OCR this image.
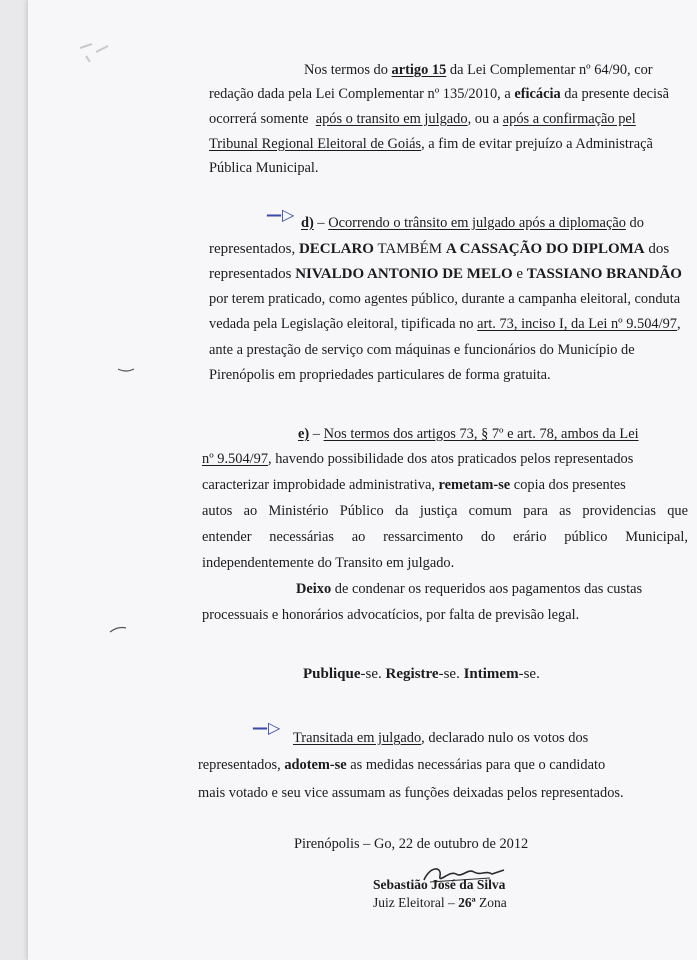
Nos termos do artigo 15 da Lei Complementar nº 64/90, cor
redação dada pela Lei Complementar nº 135/2010, a eficácia da presente decisã
ocorrerá somente  após o transito em julgado, ou a após a confirmação pel
Tribunal Regional Eleitoral de Goiás, a fim de evitar prejuízo a Administraçã
Pública Municipal.
—▷ d) – Ocorrendo o trânsito em julgado após a diplomação do
representados, DECLARO TAMBÉM A CASSAÇÃO DO DIPLOMA dos
representados NIVALDO ANTONIO DE MELO e TASSIANO BRANDÃO
por terem praticado, como agentes público, durante a campanha eleitoral, conduta
vedada pela Legislação eleitoral, tipificada no art. 73, inciso I, da Lei nº 9.504/97,
ante a prestação de serviço com máquinas e funcionários do Município de
Pirenópolis em propriedades particulares de forma gratuita.
e) – Nos termos dos artigos 73, § 7º e art. 78, ambos da Lei
nº 9.504/97, havendo possibilidade dos atos praticados pelos representados
caracterizar improbidade administrativa, remetam-se copia dos presentes
autos ao Ministério Público da justiça comum para as providencias que
entender necessárias ao ressarcimento do erário público Municipal,
independentemente do Transito em julgado.
Deixo de condenar os requeridos aos pagamentos das custas
processuais e honorários advocatícios, por falta de previsão legal.
Publique-se. Registre-se. Intimem-se.
—▷
Transitada em julgado, declarado nulo os votos dos
representados, adotem-se as medidas necessárias para que o candidato
mais votado e seu vice assumam as funções deixadas pelos representados.
Pirenópolis – Go, 22 de outubro de 2012
Sebastião José da Silva
Juiz Eleitoral – 26ª Zona
